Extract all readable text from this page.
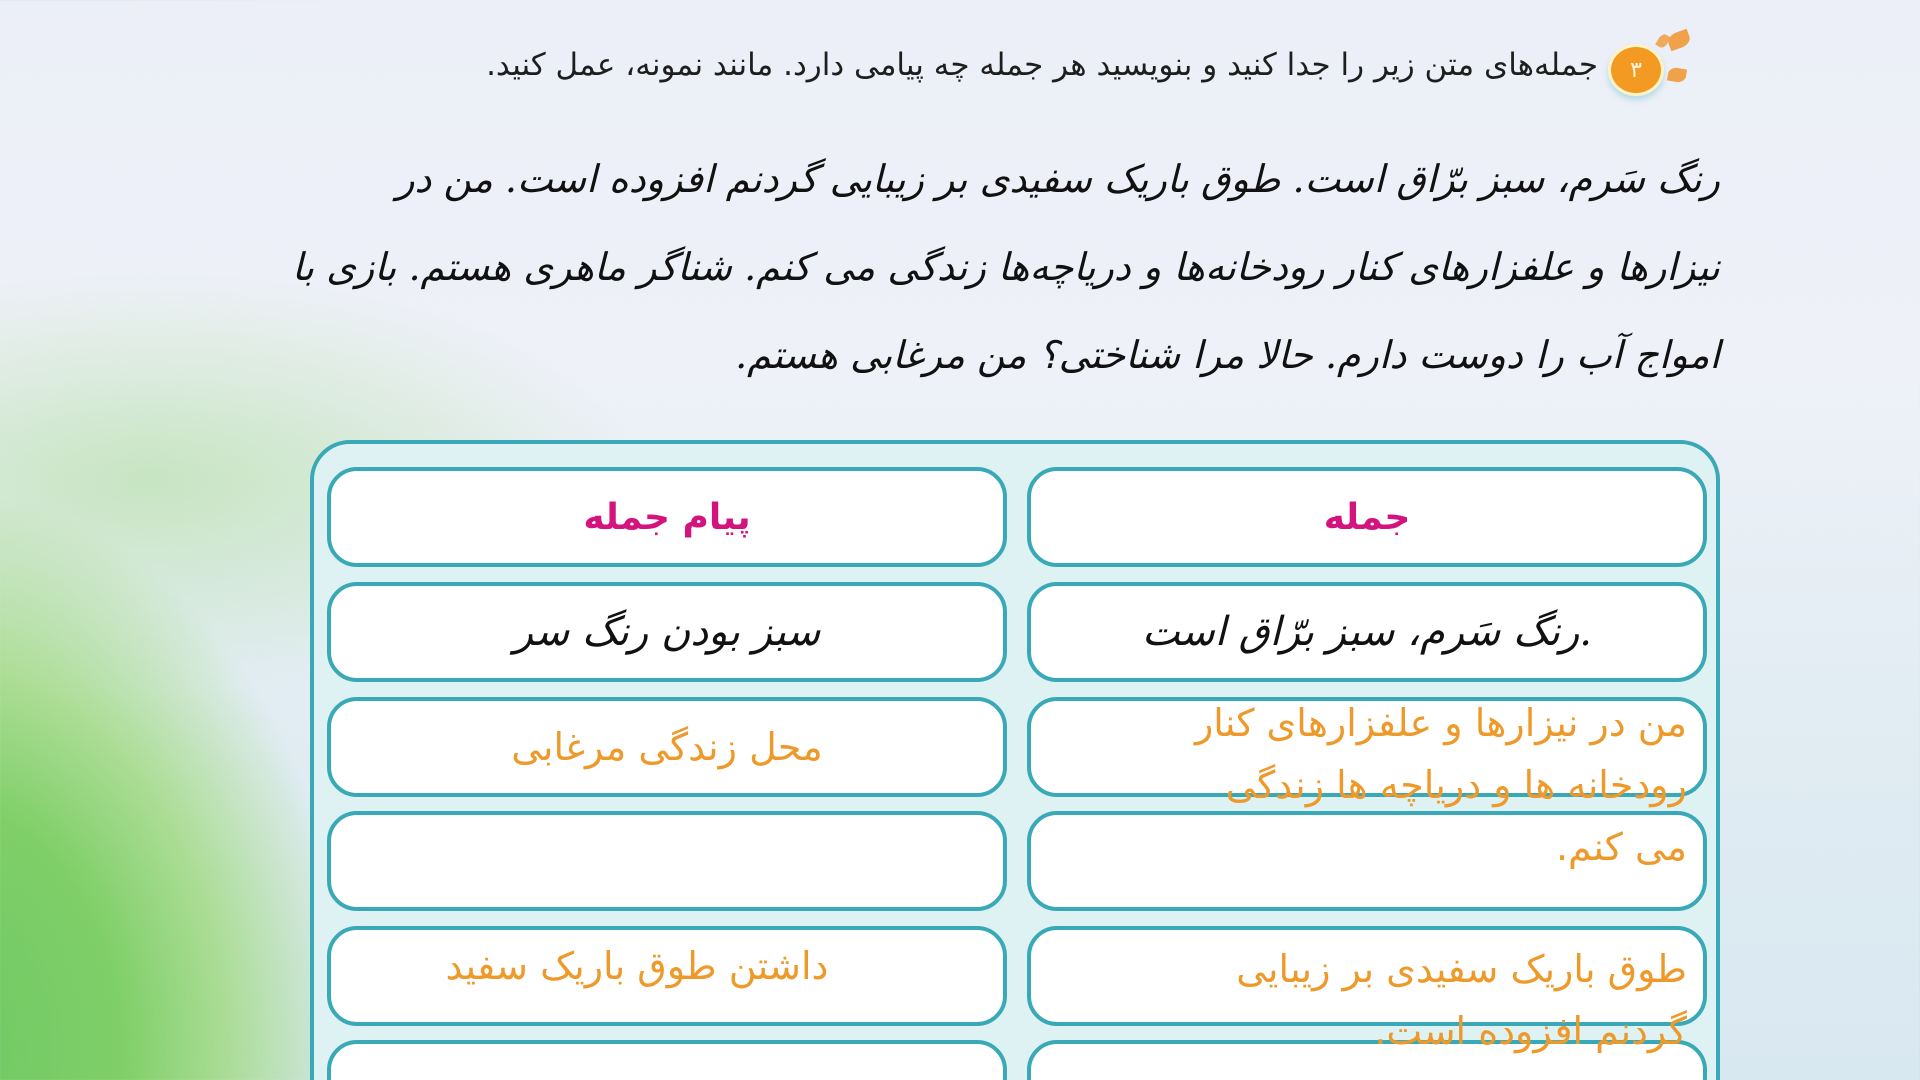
۳
جمله‌های متن زیر را جدا کنید و بنویسید هر جمله چه پیامی دارد. مانند نمونه، عمل کنید.
رنگ سَرم، سبز برّاق است. طوق باریک سفیدی بر زیبایی گردنم افزوده است. من در
نیزارها و علفزارهای کنار رودخانه‌ها و دریاچه‌ها زندگی می کنم. شناگر ماهری هستم. بازی با
امواج آب را دوست دارم. حالا مرا شناختی؟ من مرغابی هستم.
جمله
پیام جمله
رنگ سَرم، سبز برّاق است.
سبز بودن رنگ سر
محل زندگی مرغابی
داشتن طوق باریک سفید
من در نیزارها و علفزارهای کنار
رودخانه ها و دریاچه ها زندگی
می کنم.
طوق باریک سفیدی بر زیبایی
گردنم افزوده است.
